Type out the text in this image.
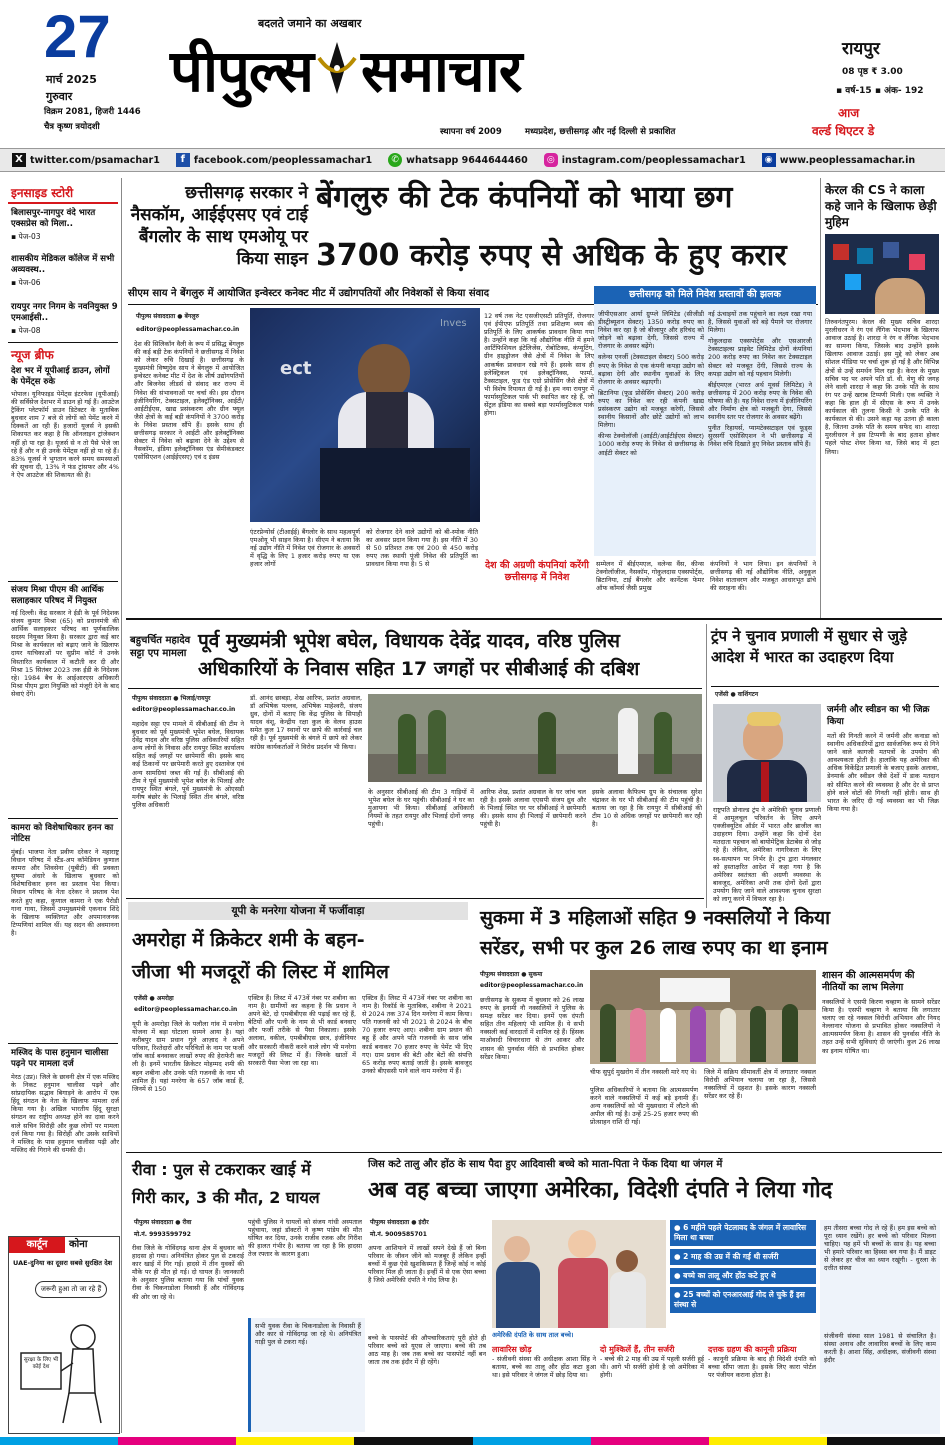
27
मार्च 2025
गुरुवार
विक्रम 2081, हिजरी 1446
चैत्र कृष्ण त्रयोदशी
बदलते जमाने का अखबार
पीपुल्स समाचार
स्थापना वर्ष 2009	मध्यप्रदेश, छत्तीसगढ़ और नई दिल्ली से प्रकाशित
रायपुर
08 पृष्ठ ₹ 3.00
▪ वर्ष-15 ▪ अंक- 192
आज
वर्ल्ड थिएटर डे
X twitter.com/psamachar1	f facebook.com/peoplessamachar1	✆ whatsapp 9644644460	◎ instagram.com/peoplessamachar1	◉ www.peoplessamachar.in
इनसाइड स्टोरी
बिलासपुर-नागपुर वंदे भारत एक्सप्रेस को मिला..
▪ पेज-03
शासकीय मेडिकल कॉलेज में सभी अव्यवस्थ..
▪ पेज-06
रायपुर नगर निगम के नवनियुक्त 9 एमआईसी..
▪ पेज-08
न्यूज ब्रीफ
देश भर में यूपीआई डाउन, लोगों के पेमेंट्स रुके
भोपाल। यूनिफाइड पेमेंट्स इंटरफेस (यूपीआई) की सर्विसेज देशभर में डाउन हो गई हैं। आउटेज ट्रैकिंग प्लेटफॉर्म डाउन डिटेक्टर के मुताबिक बुधवार शाम 7 बजे से लोगों को पेमेंट करने में दिक्कतें आ रही हैं। हजारों यूजर्स ने इसकी शिकायत कर कहा है कि ऑनलाइन ट्रांजेक्शन नहीं हो पा रहा है। यूजर्स से न तो पैसे भेजे जा रहे हैं और न ही उनके पेमेंट्स नहीं हो पा रहे हैं। 83% यूजर्स ने भुगतान करने समय समस्याओं की सूचना दी, 13% ने फंड ट्रांसफर और 4% ने ऐप आउटेज की शिकायत की है।
संजय मिश्रा पीएम की आर्थिक सलाहकार परिषद में नियुक्त
नई दिल्ली। केंद्र सरकार ने ईडी के पूर्व निदेशक संजय कुमार मिश्रा (65) को प्रधानमंत्री की आर्थिक सलाहकार परिषद का पूर्णकालिक सदस्य नियुक्त किया है। सरकार द्वारा कई बार मिश्रा के कार्यकाल को बढ़ाए जाने के खिलाफ दायर याचिकाओं पर सुप्रीम कोर्ट ने उनके विस्तारित कार्यकाल में कटौती कर दी और मिश्रा 15 सितंबर 2023 तक ईडी के निदेशक रहे। 1984 बैच के आईआरएस अधिकारी मिश्रा पीएम द्वारा नियुक्ति को मंजूरी देने के बाद सेवाएं देंगे।
कामरा को विशेषाधिकार हनन का नोटिस
मुंबई। भाजपा नेता प्रवीण दरेकर ने महाराष्ट्र विधान परिषद में स्टैंड-अप कॉमेडियन कुणाल कामरा और शिवसेना (यूबीटी) की प्रवक्ता सुषमा अंधारे के खिलाफ बुधवार को विशेषाधिकार हनन का प्रस्ताव पेश किया। विधान परिषद के नेता दरेकर ने प्रस्ताव पेश करते हुए कहा, कुणाल कामरा ने एक पैरोडी गाना गाया, जिसमें उपमुख्यमंत्री एकनाथ शिंदे के खिलाफ व्यक्तिगत और अपमानजनक टिप्पणियां शामिल थीं। यह सदन की अवमानना है।
मस्जिद के पास हनुमान चालीसा पढ़ने पर मामला दर्ज
मेरठ (उप्र)। जिले के छावनी क्षेत्र में एक मस्जिद के निकट हनुमान चालीसा पढ़ने और सांप्रदायिक सद्भाव बिगाड़ने के आरोप में एक हिंदू संगठन के नेता के खिलाफ मामला दर्ज किया गया है। अखिल भारतीय हिंदू सुरक्षा संगठन का राष्ट्रीय अध्यक्ष होने का दावा करने वाले सचिन सिरोही और कुछ लोगों पर मामला दर्ज किया गया है। सिरोही और उसके साथियों ने मस्जिद के पास हनुमान चालीसा पढ़ी और मस्जिद की गिराने की धमकी दी।
कार्टून	कोना
UAE-दुनिया का दूसरा सबसे सुरक्षित देश
जरूरी हुआ तो जा रहे हैं
सुरक्षा के लिए भी कोई देश
छत्तीसगढ़ सरकार ने नैसकॉम, आईईएसए एवं टाई बैंगलोर के साथ एमओयू पर किया साइन
बेंगलुरु की टेक कंपनियों को भाया छग
3700 करोड़ रुपए से अधिक के हुए करार
सीएम साय ने बेंगलुरु में आयोजित इन्वेस्टर कनेक्ट मीट में उद्योगपतियों और निवेशकों से किया संवाद
पीपुल्स संवाददाता ● बेंगलुरु
editor@peoplessamachar.co.in
देश की सिलिकॉन वैली के रूप में प्रसिद्ध बेंगलुरु की कई बड़ी टेक कंपनियों ने छत्तीसगढ़ में निवेश को लेकर रुचि दिखाई है। छत्तीसगढ़ के मुख्यमंत्री विष्णुदेव साय ने बेंगलुरु में आयोजित इन्वेस्टर कनेक्ट मीट में देश के शीर्ष उद्योगपतियों और बिजनेस लीडर्स से संवाद कर राज्य में निवेश की संभावनाओं पर चर्चा की। इस दौरान इंजीनियरिंग, टेक्सटाइल, इलेक्ट्रॉनिक्स, आईटी/आईटीईएस, खाद्य प्रसंस्करण और ग्रीन फ्यूल जैसे क्षेत्रों के कई बड़ी कंपनियों ने 3700 करोड़ के निवेश प्रस्ताव सौंपे हैं। इसके साथ ही छत्तीसगढ़ सरकार ने आईटी और इलेक्ट्रॉनिक्स सेक्टर में निवेश को बढ़ावा देने के उद्देश्य से नैसकॉम, इंडिया इलेक्ट्रॉनिक्स एंड सेमीकंडक्टर एसोसिएशन (आईईएसए) एवं द इंडस
ect
Inves
एंटरप्रेन्योर्स (टीआईई) बैंगलोर के साथ महत्वपूर्ण एमओयू भी साइन किया है। सीएम ने बताया कि नई उद्योग नीति में निवेश एवं रोजगार के अवसरों में वृद्धि के लिए 1 हजार करोड़ रुपए या एक हजार लोगों
को रोजगार देने वाले उद्योगों को बी-स्पोक नीति का अवसर प्रदान किया गया है। इस नीति में 30 से 50 प्रतिशत तक एवं 200 से 450 करोड़ रुपए तक स्थायी पूंजी निवेश की प्रतिपूर्ति का प्रावधान किया गया है। 5 से
12 वर्ष तक नेट एसजीएसटी प्रतिपूर्ति, रोजगार एवं ईपीएफ प्रतिपूर्ति तथा प्रशिक्षण व्यय की प्रतिपूर्ति के लिए आकर्षक प्रावधान किया गया है। उन्होंने कहा कि नई औद्योगिक नीति में हमने आर्टिफिशियल इंटेलिजेंस, रोबोटिक्स, कंप्यूटिंग, ग्रीन हाइड्रोजन जैसे क्षेत्रों में निवेश के लिए आकर्षक प्रावधान रखे गये हैं। इसके साथ ही इलेक्ट्रिकल एवं इलेक्ट्रॉनिक्स, फार्मा, टैक्सटाइल, फूड एंड एग्रो प्रोसेसिंग जैसे क्षेत्रों में भी विशेष रियायत दी गई है। हम नया रायपुर में फार्मास्युटिकल पार्क भी स्थापित कर रहे हैं, जो सेंट्रल इंडिया का सबसे बड़ा फार्मास्युटिकल पार्क होगा।
छत्तीसगढ़ को मिले निवेश प्रस्तावों की झलक
जीपीएसआर आर्या ग्रुप्प्ले लिमिटेड (सीजीडी डीस्ट्रीब्यूशन सेक्टर) 1350 करोड़ रुपए का निवेश कर रहा है जो बीजापुर और हरिचंद को जोड़ने को बढ़ावा देगी, जिससे राज्य में रोजगार के अवसर बढ़ेंगे।
वलेन्स एनर्जी (टेक्सटाइल सेक्टर) 500 करोड़ रुपए के निवेश से एक कंपनी कपड़ा उद्योग को बढ़ावा देगी और स्थानीय युवाओं के लिए रोजगार के अवसर बढ़ाएगी।
ब्रिटानिया (फूड प्रोसेसिंग सेक्टर) 200 करोड़ रुपए का निवेश कर रही कंपनी खाद्य प्रसंस्करण उद्योग को मजबूत करेगी, जिससे स्थानीय किसानों और छोटे उद्योगों को लाभ मिलेगा।
कीन्स टेक्नोलॉजी (आईटी/आईटीईएस सेक्टर) 1000 करोड़ रुपए के निवेश से छत्तीसगढ़ के आईटी सेक्टर को
नई ऊंचाइयों तक पहुंचाने का लक्ष्य रखा गया है, जिससे युवाओं को बड़े पैमाने पर रोजगार मिलेगा।
गोकुलदास एक्सपोर्ट्स और एसआरजी टेक्सटाइल्स प्राइवेट लिमिटेड दोनों कंपनियां 200 करोड़ रुपए का निवेश कर टेक्सटाइल सेक्टर को मजबूत देंगी, जिससे राज्य के कपड़ा उद्योग को नई पहचान मिलेगी।
बीईएमएल (भारत अर्थ मूवर्स लिमिटेड) ने छत्तीसगढ़ में 200 करोड़ रुपए के निवेश की घोषणा की है। यह निवेश राज्य में इंजीनियरिंग और निर्माण क्षेत्र को मजबूती देगा, जिससे स्थानीय स्तर पर रोजगार के अवसर बढ़ेंगे।
पुनीत रिहायर्स, प्यामटेक्सटाइल एवं फूड्स सुरसर्गी एसोसिएशन ने भी छत्तीसगढ़ में निवेश रुचि दिखाते हुए निवेश प्रस्ताव सौंपे हैं।
देश की अग्रणी कंपनियां करेंगी छत्तीसगढ़ में निवेश
सम्मेलन में बीईएमएल, वलेन्स वैंस, कीन्स टेक्नोलॉजीज, नैसकॉम, गोकुलदास एक्सपोर्ट्स, ब्रिटानिया, टाई बैंगलोर और कार्नेटक फेमर ऑफ कॉमर्स जैसी प्रमुख
कंपनियों ने भाग लिया। इन कंपनियों ने छत्तीसगढ़ की नई औद्योगिक नीति, अनुकूल निवेश वातावरण और मजबूत आधारभूत ढांचे की सराहना की।
केरल की CS ने काला कहे जाने के खिलाफ छेड़ी मुहिम
तिरुवनंतपुरम। केरल की मुख्य सचिव शारदा मुरलीधरन ने रंग एवं लैंगिक भेदभाव के खिलाफ आवाज उठाई है। शारदा ने रंग व लैंगिक भेदभाव का सामना किया, जिसके बाद उन्होंने इसके खिलाफ आवाज उठाई। इस मुद्दे को लेकर अब सोशल मीडिया पर चर्चा शुरू हो गई है और विभिन्न क्षेत्रों से उन्हें समर्थन मिल रहा है। केरल के मुख्य सचिव पद पर अपने पति डॉ. वी. वेणु की जगह लेने वाली शारदा ने कहा कि उनके पति के साथ रंग पर उन्हें खराब टिप्पणी मिली। एक व्यक्ति ने कहा कि हाल ही में सीएस के रूप में उनके कार्यकाल की तुलना किसी ने उनके पति के कार्यकाल से की। उसने कहा यह उतना ही काला है, जितना उनके पति के समय सफेद था। शारदा मुरलीधरन ने इस टिप्पणी के बाद हताश होकर पहले पोस्ट शेयर किया था, जिसे बाद में हटा लिया।
बहुचर्चित महादेव सट्टा एप मामला
पूर्व मुख्यमंत्री भूपेश बघेल, विधायक देवेंद्र यादव, वरिष्ठ पुलिस
अधिकारियों के निवास सहित 17 जगहों पर सीबीआई की दबिश
पीपुल्स संवाददाता ● भिलाई/रायपुर
editor@peoplessamachar.co.in
महादेव सट्टा एप मामले में सीबीआई की टीम ने बुधवार को पूर्व मुख्यमंत्री भूपेश बघेल, विधायक देवेंद्र यादव और वरिष्ठ पुलिस अधिकारियों सहित अन्य लोगों के निवास और रायपुर स्थित कार्यालय सहित कई जगहों पर छापेमारी की। इसके बाद कई ठिकानों पर छापेमारी करते हुए दस्तावेज एवं अन्य सामग्रियां जब्त की गई हैं। सीबीआई की टीम ने पूर्व मुख्यमंत्री भूपेश बघेल के भिलाई और रायपुर स्थित बंगले, पूर्व मुख्यमंत्री के ओएसडी मनीष बंछोर के भिलाई स्थित तीन बंगले, वरिष्ठ पुलिस अधिकारी
डॉ. आनंद छाबड़ा, शेख आरिफ, प्रशांत अग्रवाल, डॉ अभिषेक पल्लव, अभिषेक माहेश्वरी, संजय ध्रुव, दोनों में बताए कि केंद्र पुलिस के सिपाही यादव वंशू, केन्द्रीय रक्षा कुल के वेलथ हाउस समेत कुल 17 स्थानों पर छापे की कार्रवाई चल रही है। पूर्व मुख्यमंत्री के बंगले में छापे को लेकर कांग्रेस कार्यकर्ताओं ने विरोध प्रदर्शन भी किया।
के अनुसार सीबीआई की टीम 3 गाड़ियों में भूपेश बघेल के घर पहुंची। सीबीआई ने घर का मुआयना भी किया। सीबीआई अधिकारी नियमों के तहत रायपुर और भिलाई दोनों जगह पहुंची।
आरिफ शेख, प्रशांत अग्रवाल के घर जांच चल रही है। इसके अलावा एएसपी संजय ध्रुव और के भिलाई स्थित घर पर सीबीआई ने छापेमारी की। इसके साथ ही भिलाई में छापेमारी करने पहुंची है।
इसके अलावा कैफिल्म ग्रुप के संचालक सुरेश चंद्राकर के घर भी सीबीआई की टीम पहुंची है। बताया जा रहा है कि रायपुर में सीबीआई की टीम 10 से अधिक जगहों पर छापेमारी कर रही है।
ट्रंप ने चुनाव प्रणाली में सुधार से जुड़े आदेश में भारत का उदाहरण दिया
एजेंसी ● वाशिंगटन
राष्ट्रपति डोनाल्ड ट्रंप ने अमेरिकी चुनाव प्रणाली में आमूलचूल परिवर्तन के लिए अपने एक्जीक्यूटिव ऑर्डर में भारत और ब्राजील का उदाहरण दिया। उन्होंने कहा कि दोनों देश मतदाता पहचान को बायोमेट्रिक डेटाबेस से जोड़ रहे हैं। लेकिन, अमेरिका नागरिकता के लिए स्व-सत्यापन पर निर्भर है। ट्रंप द्वारा मंगलवार को हस्ताक्षरित आदेश में कहा गया है कि अमेरिका स्वतंत्रता की अग्रणी व्यवस्था के बावजूद, अमेरिका अभी तक दोनों देशों द्वारा उपयोग किए जाने वाले आवश्यक चुनाव सुरक्षा को लागू करने में विफल रहा है।
जर्मनी और स्वीडन का भी जिक्र किया
मतों की गिनती करने में जर्मनी और कनाडा को स्थानीय अधिकारियों द्वारा सार्वजनिक रूप से गिने जाने वाले कागजी मतपत्रों के उपयोग की आवश्यकता होती है। हालांकि यह अमेरिका की अधिक विकेंद्रित प्रणाली के बजाए इसके अलावा, डेनमार्क और स्वीडन जैसे देशों में डाक मतदान को सीमित करने की व्यवस्था है और देर से प्राप्त होने वाले वोटों की गिनती नहीं होती। साथ ही भारत के जरिए दी गई व्यवस्था का भी जिक्र किया गया है।
यूपी के मनरेगा योजना में फर्जीवाड़ा
अमरोहा में क्रिकेटर शमी के बहन-
जीजा भी मजदूरों की लिस्ट में शामिल
एजेंसी ● अमरोहा
editor@peoplessamachar.co.in
यूपी के अमरोहा जिले के पलौला गांव में मनरेगा योजना में बड़ा घोटाला सामने आया है। यहां करीबपुर ग्राम प्रधान गुले आज़ाद ने अपने परिवार, रिश्तेदारों और परिचितों के नाम पर फर्जी जॉब कार्ड बनवाकर लाखों रुपए की हेराफेरी कर ली है। इनमें भारतीय क्रिकेटर मोहम्मद शमी की बहन शबीना और उनके पति गजनवी के नाम भी शामिल हैं। यहां मनरेगा के 657 जॉब कार्ड हैं, जिनमें से 150
एक्टिव हैं। लिस्ट में 473वें नंबर पर शबीना का नाम है। ग्रामीणों का कहना है कि प्रधान ने अपने बेटे, दो एमबीबीएस की पढ़ाई कर रहे हैं, बेटियों और पत्नी के नाम से भी कार्ड बनवाए और फर्जी तरीके से पैसा निकाला। इसके अलावा, वकील, एमबीबीएस छात्र, इंजीनियर और सरकारी नौकरी करने वाले लोग भी मनरेगा मजदूरों की लिस्ट में हैं। जिनके खातों में सरकारी पैसा भेजा जा रहा था।
एक्टिव हैं। लिस्ट में 473वें नंबर पर शबीना का नाम है। रिकॉर्ड के मुताबिक, शबीना ने 2021 से 2024 तक 374 दिन मनरेगा में काम किया। पति गजनवी को भी 2021 से 2024 के बीच 70 हजार रुपए आए। शबीना ग्राम प्रधान की बहू हैं और अपने पति गजनवी के साथ जॉब कार्ड बनाकर 70 हजार रुपए के पेमेंट भी दिए गए। ग्राम प्रधान की बेटी और बेटों की संपत्ति 65 करोड़ रुपए बताई जाती है। इसके बावजूद उनको बीएससी पाने वाले नाम मनरेगा में हैं।
सुकमा में 3 महिलाओं सहित 9 नक्सलियों ने किया
सरेंडर, सभी पर कुल 26 लाख रुपए का था इनाम
पीपुल्स संवाददाता ● सुकमा
editor@peoplessamachar.co.in
छत्तीसगढ़ के सुकमा में बुधवार को 26 लाख रुपए के इनामी नौ नक्सलियों ने पुलिस के समक्ष सरेंडर कर दिया। इनमें एक दंपती सहित तीन महिलाएं भी शामिल हैं। ये सभी नक्सली कई वारदातों में शामिल रहे हैं। हिंसक माओवादी विचारधारा से तंग आकर और शासन की पुनर्वास नीति से प्रभावित होकर सरेंडर किया।
चीफ सुपुर्द मुखरोग में तीन नक्सली मारे गए थे।
पुलिस अधिकारियों ने बताया कि आत्मसमर्पण करने वाले नक्सलियों में कई बड़े इनामी हैं। अन्य नक्सलियों को भी मुख्यधारा में लौटने की अपील की गई है। उन्हें 25-25 हजार रुपए की प्रोत्साहन राशि दी गई।
जिले में सक्रिय सीमावर्ती क्षेत्र में लगातार नक्सल विरोधी अभियान चलाया जा रहा है, जिससे नक्सलियों में दहशत है। इसके कारण नक्सली सरेंडर कर रहे हैं।
शासन की आत्मसमर्पण की नीतियों का लाभ मिलेगा
नक्सलियों ने एसपी किरण चव्हाण के सामने सरेंडर किया है। एसपी चव्हाण ने बताया कि लगातार चलाए जा रहे नक्सल विरोधी अभियान और नियद नेल्लानार योजना से प्रभावित होकर नक्सलियों ने आत्मसमर्पण किया है। शासन की पुनर्वास नीति के तहत उन्हें सभी सुविधाएं दी जाएंगी। कुल 26 लाख का इनाम घोषित था।
रीवा : पुल से टकराकर खाई में
गिरी कार, 3 की मौत, 2 घायल
पीपुल्स संवाददाता ● रीवा
मो.नं. 9993599792
रीवा जिले के गोविंदगढ़ थाना क्षेत्र में बुधवार को हादसा हो गया। अनियंत्रित होकर पुल से टकराई कार खाई में गिर गई। हादसे में तीन युवकों की मौके पर ही मौत हो गई। दो घायल हैं। जानकारी के अनुसार पुलिस बताया गया कि पांचों युवक रीवा के चिकनाडोला निवासी हैं और गोविंदगढ़ की ओर जा रहे थे।
पहुंची पुलिस ने घायलों को संजय गांधी अस्पताल पहुंचाया, जहां डॉक्टरों ने कृष्ण पांडेय की मौत घोषित कर दिया, उनके राजीव रजक और गिरीश की हालत गंभीर है। बताया जा रहा है कि हादसा तेज रफ्तार के कारण हुआ।
सभी युवक रीवा के चिकनाडोला के निवासी हैं और कार से गोविंदगढ़ जा रहे थे। अनियंत्रित गाड़ी पुल से टकरा गई।
जिस कटे तालु और होंठ के साथ पैदा हुए आदिवासी बच्चे को माता-पिता ने फेंक दिया था जंगल में
अब वह बच्चा जाएगा अमेरिका, विदेशी दंपति ने लिया गोद
पीपुल्स संवाददाता ● इंदौर
मो.नं. 9009585701
अपना आशियाने में लाखों सपने देखे हैं जो बिना परिवार के जीवन जीने को मजबूर हैं लेकिन इन्हीं बच्चों में कुछ ऐसे खुशकिस्मत हैं जिन्हें कोई न कोई परिवार मिल ही जाता है। इन्हीं में से एक ऐसा बच्चा है जिसे अमेरिकी दंपति ने गोद लिया है।
बच्चे के पासपोर्ट की औपचारिकताएं पूरी होते ही परिवार बच्चे को यूएस ले जाएगा। बच्चे की तब आठ माह है। जब तक बच्चे का पासपोर्ट नहीं बन जाता तब तक इंदौर में ही रहेंगे।
अमेरिकी दंपति के साथ ताल बच्चे।
● 6 महीने पहले पेटलावद के जंगल में लावारिस मिला था बच्चा
● 2 माह की उम्र में की गई थी सर्जरी
● बच्चे का तालू और होंठ कटे हुए थे
● 25 बच्चों को एनआरआई गोद ले चुके हैं इस संस्था से
हम तीसरा बच्चा गोद ले रहे हैं। हम इस बच्चे को पूरा ध्यान रखेंगे। हर बच्चे को परिवार मिलना चाहिए। यह हमें भी बच्चों के साथ है। यह बच्चा भी हमारे परिवार का हिस्सा बन गया है। मैं डाइट से लेकर हर चीज का ध्यान रखूंगी। - धुरला के दत्तीत संस्था
संजीवनी संस्था साल 1981 से संचालित है। संस्था अनाथ और लावारिस बच्चों के लिए काम करती है। आशा सिंह, अधीक्षक, संजीवनी संस्था इंदौर
लावारिस छोड़
- संजीवनी संस्था की अधीक्षक आशा सिंह ने बताया, बच्चे का तालू और होंठ कटा हुआ था। इसे परिवार ने जंगल में छोड़ दिया था।
दो मुश्किलें हैं, तीन सर्जरी
- बच्चे की 2 माह की उम्र में पहली सर्जरी हुई थी। आगे भी सर्जरी होनी है जो अमेरिका में होगी।
दत्तक ग्रहण की कानूनी प्रक्रिया
- कानूनी प्रक्रिया के बाद ही विदेशी दंपति को बच्चा सौंपा जाता है। इसके लिए कारा पोर्टल पर पंजीयन कराना होता है।
